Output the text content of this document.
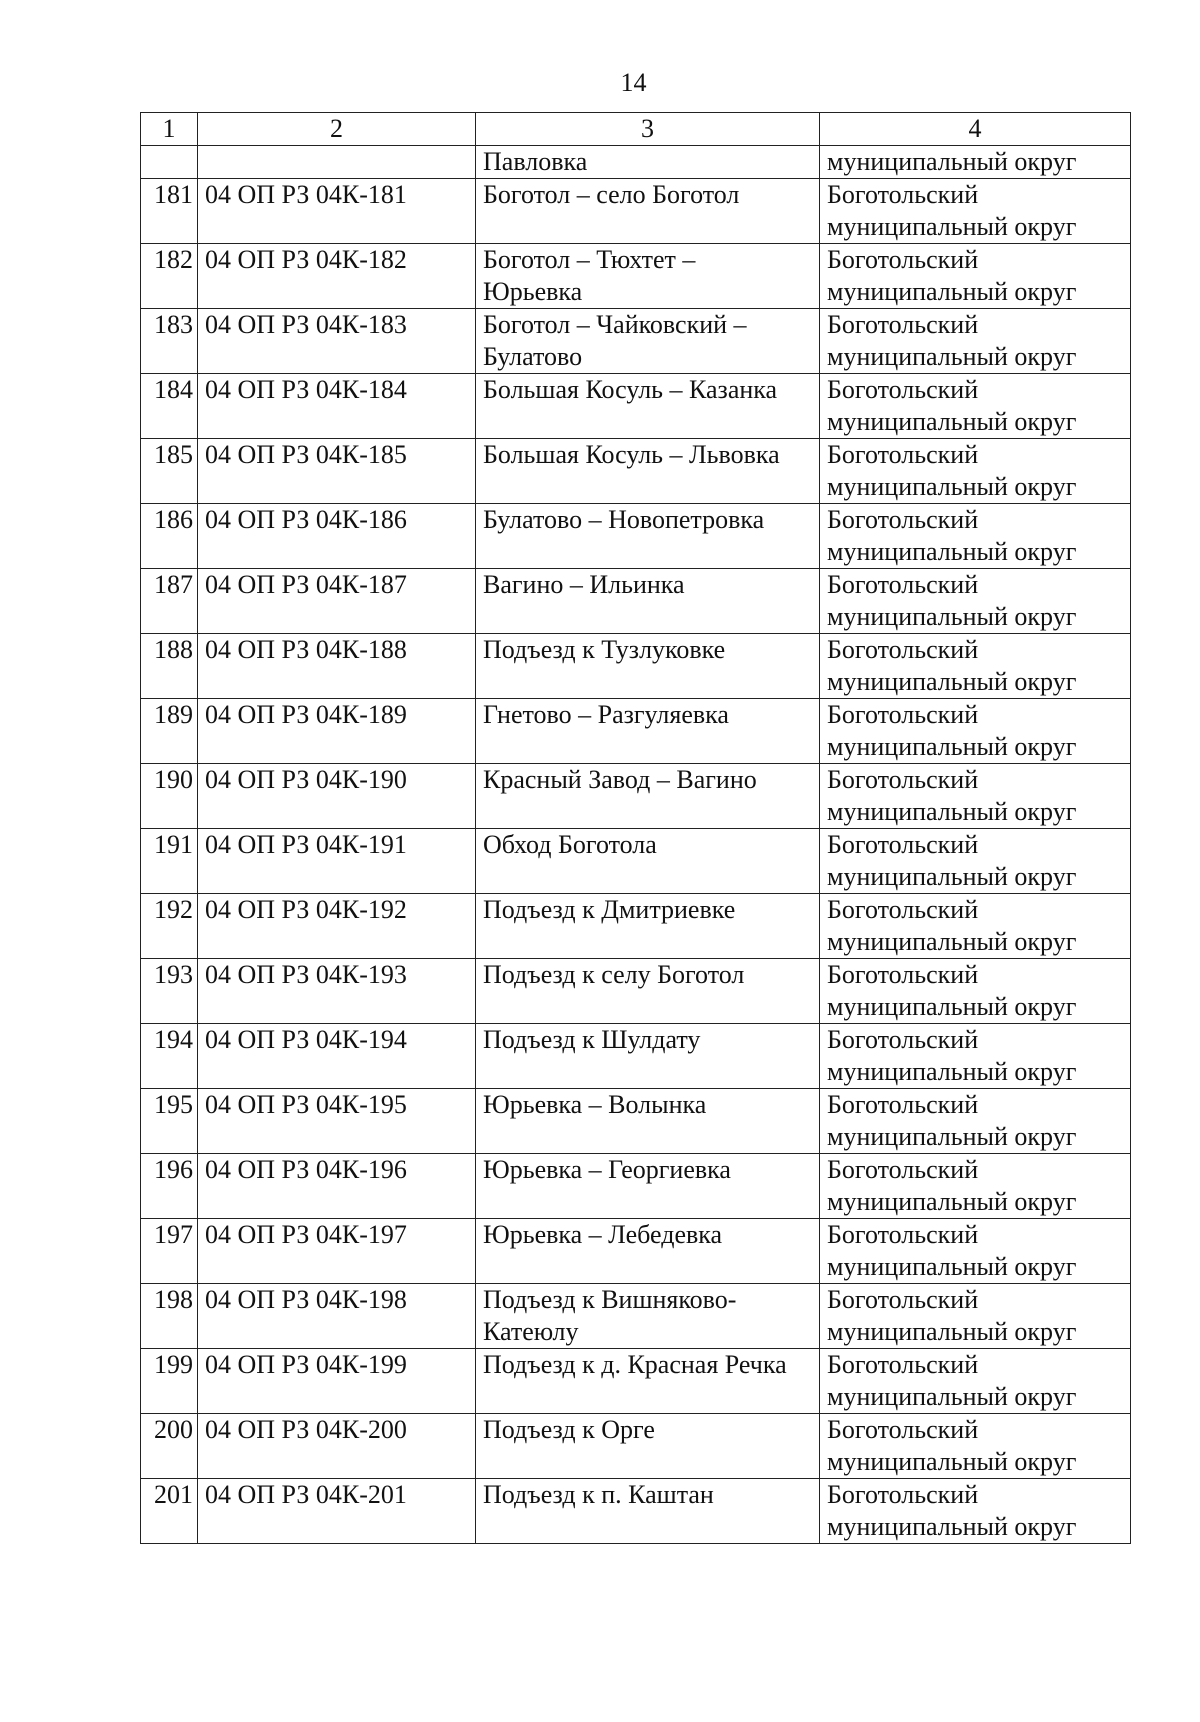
14
1	2	3	4
		Павловка	муниципальный округ
181	04 ОП РЗ 04К-181	Боготол – село Боготол	Боготольский
муниципальный округ
182	04 ОП РЗ 04К-182	Боготол – Тюхтет –
Юрьевка	Боготольский
муниципальный округ
183	04 ОП РЗ 04К-183	Боготол – Чайковский –
Булатово	Боготольский
муниципальный округ
184	04 ОП РЗ 04К-184	Большая Косуль – Казанка	Боготольский
муниципальный округ
185	04 ОП РЗ 04К-185	Большая Косуль – Львовка	Боготольский
муниципальный округ
186	04 ОП РЗ 04К-186	Булатово – Новопетровка	Боготольский
муниципальный округ
187	04 ОП РЗ 04К-187	Вагино – Ильинка	Боготольский
муниципальный округ
188	04 ОП РЗ 04К-188	Подъезд к Тузлуковке	Боготольский
муниципальный округ
189	04 ОП РЗ 04К-189	Гнетово – Разгуляевка	Боготольский
муниципальный округ
190	04 ОП РЗ 04К-190	Красный Завод – Вагино	Боготольский
муниципальный округ
191	04 ОП РЗ 04К-191	Обход Боготола	Боготольский
муниципальный округ
192	04 ОП РЗ 04К-192	Подъезд к Дмитриевке	Боготольский
муниципальный округ
193	04 ОП РЗ 04К-193	Подъезд к селу Боготол	Боготольский
муниципальный округ
194	04 ОП РЗ 04К-194	Подъезд к Шулдату	Боготольский
муниципальный округ
195	04 ОП РЗ 04К-195	Юрьевка – Волынка	Боготольский
муниципальный округ
196	04 ОП РЗ 04К-196	Юрьевка – Георгиевка	Боготольский
муниципальный округ
197	04 ОП РЗ 04К-197	Юрьевка – Лебедевка	Боготольский
муниципальный округ
198	04 ОП РЗ 04К-198	Подъезд к Вишняково-
Катеюлу	Боготольский
муниципальный округ
199	04 ОП РЗ 04К-199	Подъезд к д. Красная Речка	Боготольский
муниципальный округ
200	04 ОП РЗ 04К-200	Подъезд к Орге	Боготольский
муниципальный округ
201	04 ОП РЗ 04К-201	Подъезд к п. Каштан	Боготольский
муниципальный округ
